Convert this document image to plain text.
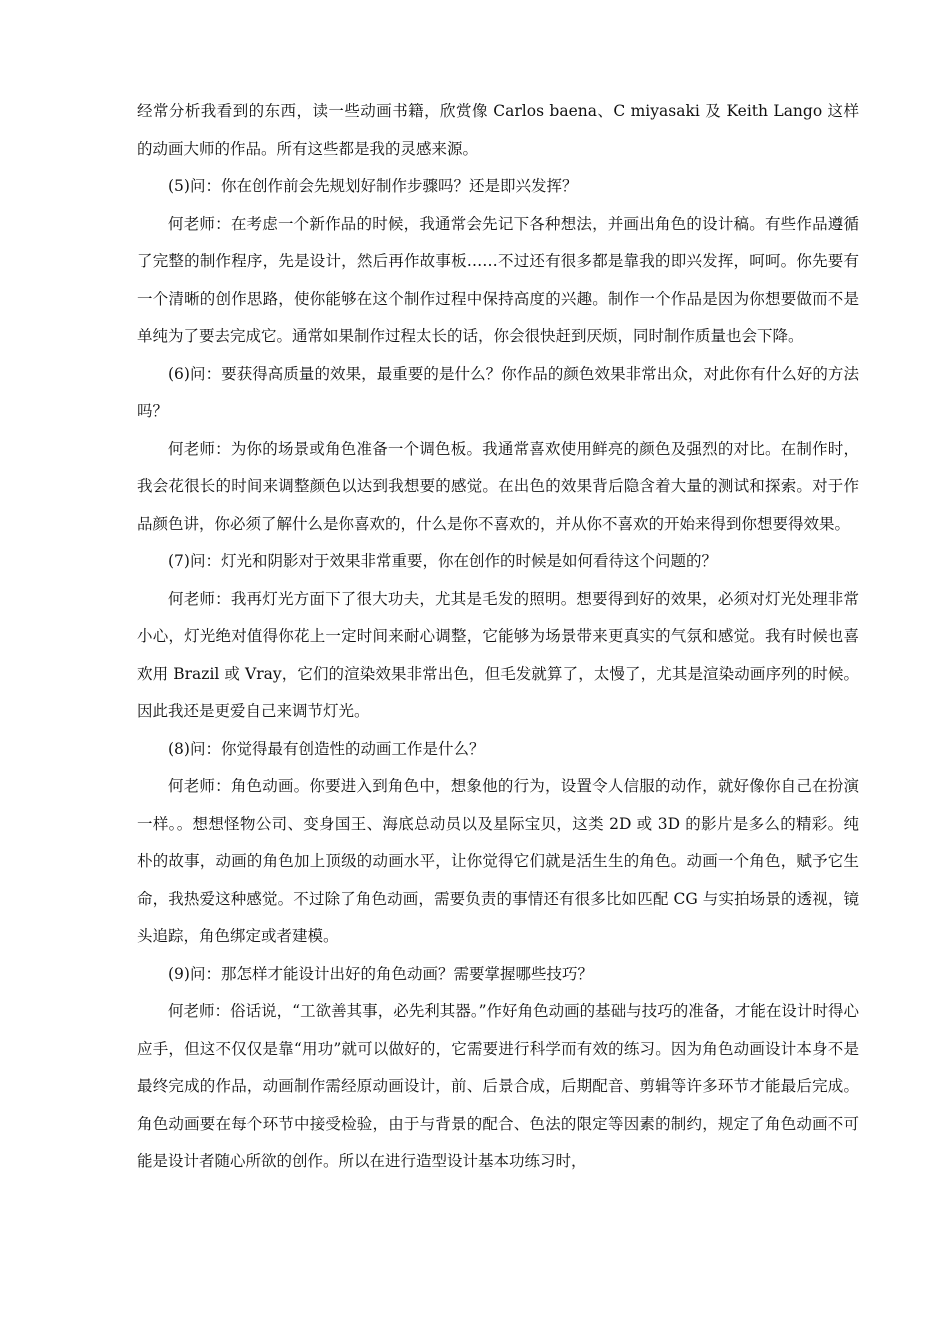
经常分析我看到的东西，读一些动画书籍，欣赏像 Carlos baena、C miyasaki 及 Keith Lango 这样的动画大师的作品。所有这些都是我的灵感来源。

(5)问：你在创作前会先规划好制作步骤吗？还是即兴发挥？

何老师：在考虑一个新作品的时候，我通常会先记下各种想法，并画出角色的设计稿。有些作品遵循了完整的制作程序，先是设计，然后再作故事板……不过还有很多都是靠我的即兴发挥，呵呵。你先要有一个清晰的创作思路，使你能够在这个制作过程中保持高度的兴趣。制作一个作品是因为你想要做而不是单纯为了要去完成它。通常如果制作过程太长的话，你会很快赶到厌烦，同时制作质量也会下降。

(6)问：要获得高质量的效果，最重要的是什么？你作品的颜色效果非常出众，对此你有什么好的方法吗？

何老师：为你的场景或角色准备一个调色板。我通常喜欢使用鲜亮的颜色及强烈的对比。在制作时，我会花很长的时间来调整颜色以达到我想要的感觉。在出色的效果背后隐含着大量的测试和探索。对于作品颜色讲，你必须了解什么是你喜欢的，什么是你不喜欢的，并从你不喜欢的开始来得到你想要得效果。

(7)问：灯光和阴影对于效果非常重要，你在创作的时候是如何看待这个问题的？

何老师：我再灯光方面下了很大功夫，尤其是毛发的照明。想要得到好的效果，必须对灯光处理非常小心，灯光绝对值得你花上一定时间来耐心调整，它能够为场景带来更真实的气氛和感觉。我有时候也喜欢用 Brazil 或 Vray，它们的渲染效果非常出色，但毛发就算了，太慢了，尤其是渲染动画序列的时候。因此我还是更爱自己来调节灯光。

(8)问：你觉得最有创造性的动画工作是什么？

何老师：角色动画。你要进入到角色中，想象他的行为，设置令人信服的动作，就好像你自己在扮演一样。。想想怪物公司、变身国王、海底总动员以及星际宝贝，这类 2D 或 3D 的影片是多么的精彩。纯朴的故事，动画的角色加上顶级的动画水平，让你觉得它们就是活生生的角色。动画一个角色，赋予它生命，我热爱这种感觉。不过除了角色动画，需要负责的事情还有很多比如匹配 CG 与实拍场景的透视，镜头追踪，角色绑定或者建模。

(9)问：那怎样才能设计出好的角色动画？需要掌握哪些技巧？

何老师：俗话说，“工欲善其事，必先利其器。”作好角色动画的基础与技巧的准备，才能在设计时得心应手，但这不仅仅是靠“用功”就可以做好的，它需要进行科学而有效的练习。因为角色动画设计本身不是最终完成的作品，动画制作需经原动画设计，前、后景合成，后期配音、剪辑等许多环节才能最后完成。角色动画要在每个环节中接受检验，由于与背景的配合、色法的限定等因素的制约，规定了角色动画不可能是设计者随心所欲的创作。所以在进行造型设计基本功练习时，
